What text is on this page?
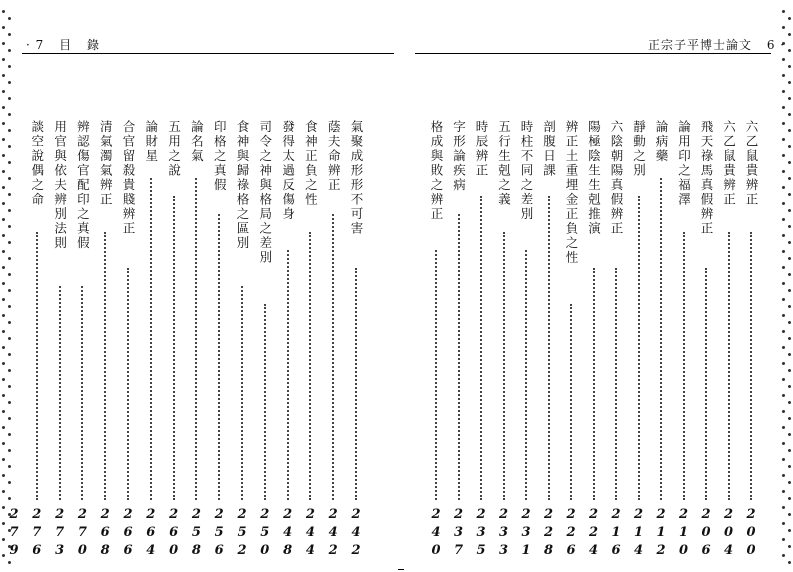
· 7 目 錄	正宗子平博士論文 6 ·
氣聚成形形不可害
2
4
2
蔭夫命辨正
2
4
2
食神正負之性
2
4
4
發得太過反傷身
2
4
8
司令之神與格局之差別
2
5
0
食神與歸祿格之區別
2
5
2
印格之真假
2
5
6
論名氣
2
5
8
五用之說
2
6
0
論財星
2
6
4
合官留殺貴賤辨正
2
6
6
清氣濁氣辨正
2
6
8
辨認傷官配印之真假
2
7
0
用官與依夫辨別法則
2
7
3
談空說偶之命
2
7
6
2
7
9
六乙鼠貴辨正
2
0
0
六乙鼠貴辨正
2
0
4
飛天祿馬真假辨正
2
0
6
論用印之福澤
2
1
0
論病藥
2
1
2
靜動之別
2
1
4
六陰朝陽真假辨正
2
1
6
陽極陰生生剋推演
2
2
4
辨正土重埋金正負之性
2
2
6
剖腹日課
2
2
8
時柱不同之差別
2
3
1
五行生剋之義
2
3
3
時辰辨正
2
3
5
字形論疾病
2
3
7
格成與敗之辨正
2
4
0
